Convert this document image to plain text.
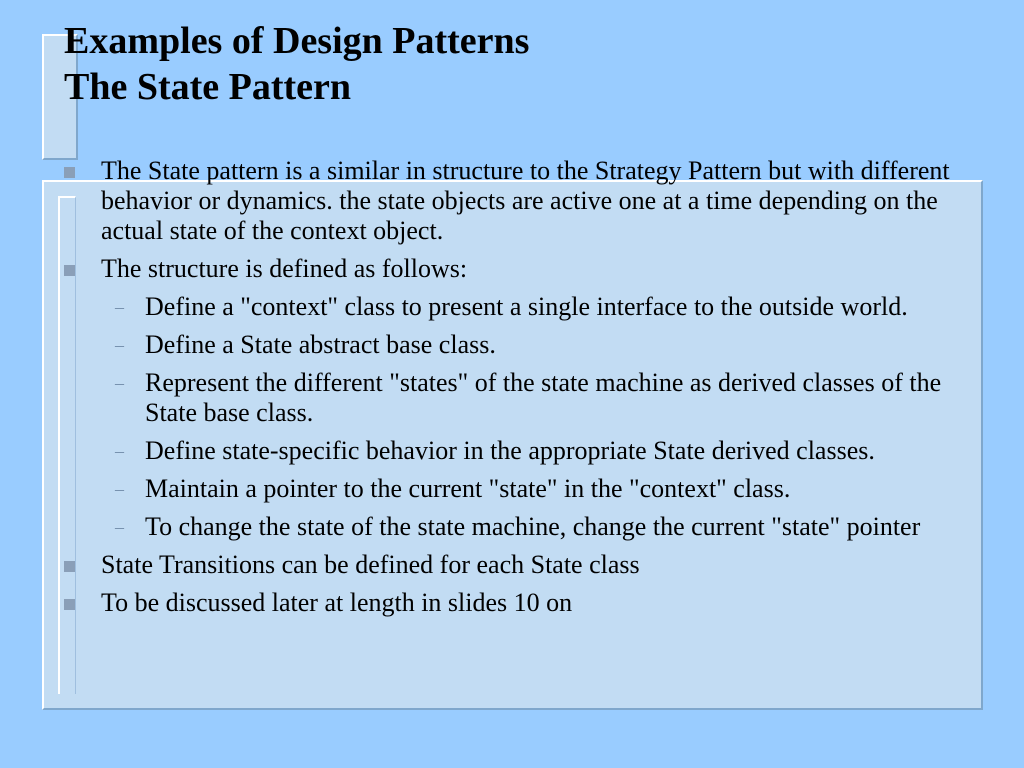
Examples of Design Patterns
The State Pattern
The State pattern is a similar in structure to the Strategy Pattern but with different behavior or dynamics. the state objects are active one at a time depending on the actual state of the context object.
The structure is defined as follows:
– Define a "context" class to present a single interface to the outside world.
– Define a State abstract base class.
– Represent the different "states" of the state machine as derived classes of the State base class.
– Define state-specific behavior in the appropriate State derived classes.
– Maintain a pointer to the current "state" in the "context" class.
– To change the state of the state machine, change the current "state" pointer
State Transitions can be defined for each State class
To be discussed later at length in slides 10 on
